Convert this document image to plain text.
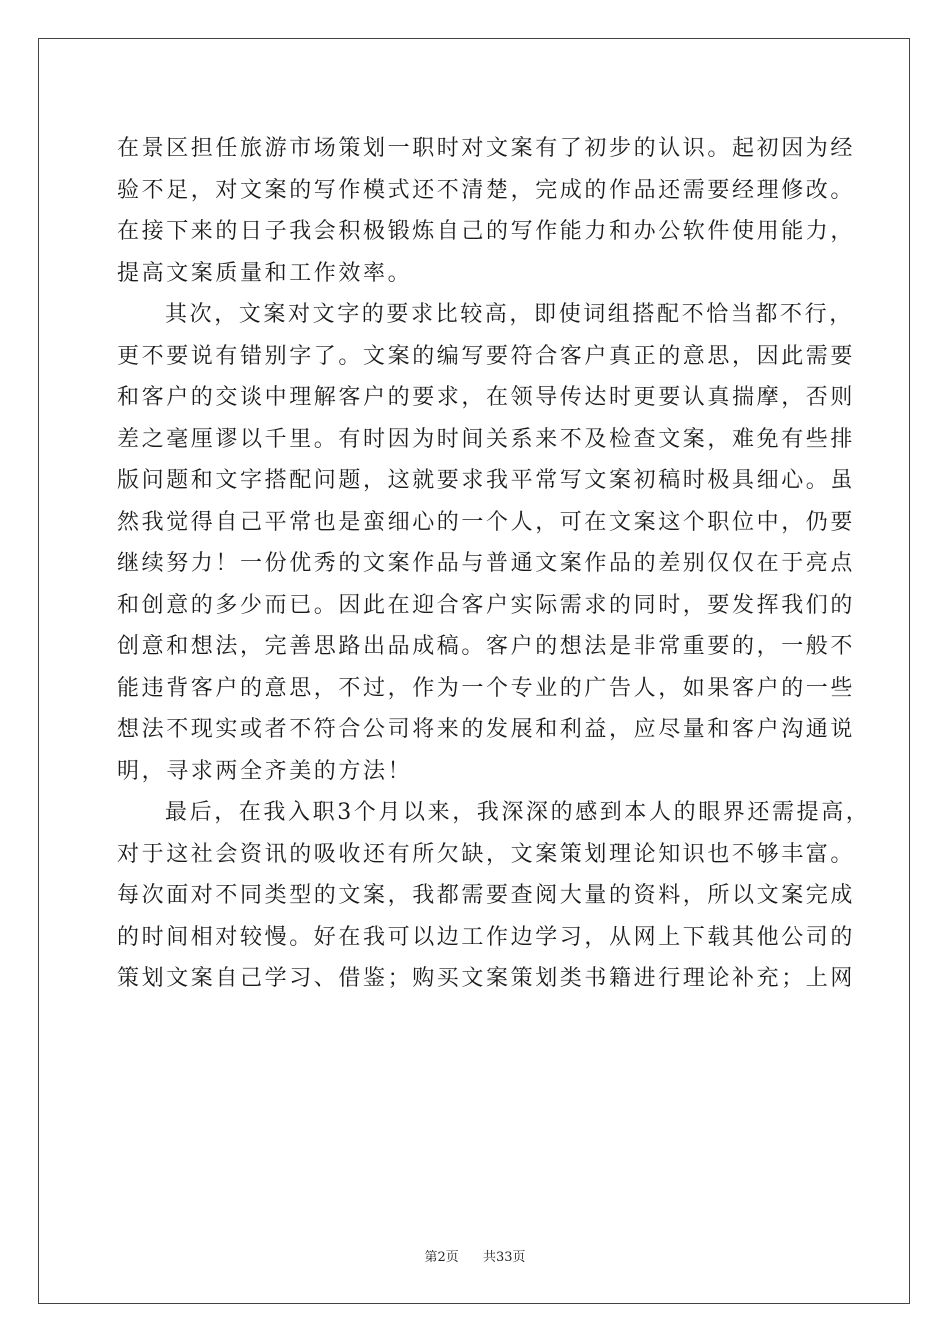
在景区担任旅游市场策划一职时对文案有了初步的认识。起初因为经
验不足，对文案的写作模式还不清楚，完成的作品还需要经理修改。
在接下来的日子我会积极锻炼自己的写作能力和办公软件使用能力，
提高文案质量和工作效率。
其次，文案对文字的要求比较高，即使词组搭配不恰当都不行，
更不要说有错别字了。文案的编写要符合客户真正的意思，因此需要
和客户的交谈中理解客户的要求，在领导传达时更要认真揣摩，否则
差之毫厘谬以千里。有时因为时间关系来不及检查文案，难免有些排
版问题和文字搭配问题，这就要求我平常写文案初稿时极具细心。虽
然我觉得自己平常也是蛮细心的一个人，可在文案这个职位中，仍要
继续努力！一份优秀的文案作品与普通文案作品的差别仅仅在于亮点
和创意的多少而已。因此在迎合客户实际需求的同时，要发挥我们的
创意和想法，完善思路出品成稿。客户的想法是非常重要的，一般不
能违背客户的意思，不过，作为一个专业的广告人，如果客户的一些
想法不现实或者不符合公司将来的发展和利益，应尽量和客户沟通说
明，寻求两全齐美的方法！
最后，在我入职3个月以来，我深深的感到本人的眼界还需提高，
对于这社会资讯的吸收还有所欠缺，文案策划理论知识也不够丰富。
每次面对不同类型的文案，我都需要查阅大量的资料，所以文案完成
的时间相对较慢。好在我可以边工作边学习，从网上下载其他公司的
策划文案自己学习、借鉴；购买文案策划类书籍进行理论补充；上网
第2页 共33页
